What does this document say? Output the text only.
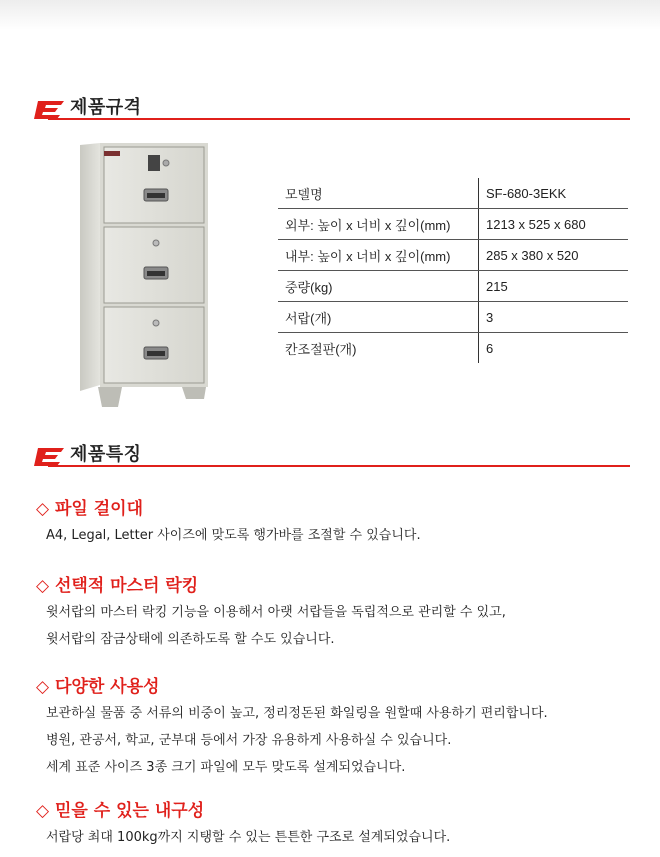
제품규격
모델명	SF-680-3EKK
외부: 높이 x 너비 x 깊이(mm)	1213 x 525 x 680
내부: 높이 x 너비 x 깊이(mm)	285 x 380 x 520
중량(kg)	215
서랍(개)	3
칸조절판(개)	6
제품특징
◇ 파일 걸이대
A4, Legal, Letter 사이즈에 맞도록 행가바를 조절할 수 있습니다.
◇ 선택적 마스터 락킹
윗서랍의 마스터 락킹 기능을 이용해서 아랫 서랍들을 독립적으로 관리할 수 있고,
윗서랍의 잠금상태에 의존하도록 할 수도 있습니다.
◇ 다양한 사용성
보관하실 물품 중 서류의 비중이 높고, 정리정돈된 화일링을 원할때 사용하기 편리합니다.
병원, 관공서, 학교, 군부대 등에서 가장 유용하게 사용하실 수 있습니다.
세계 표준 사이즈 3종 크기 파일에 모두 맞도록 설계되었습니다.
◇ 믿을 수 있는 내구성
서랍당 최대 100kg까지 지탱할 수 있는 튼튼한 구조로 설계되었습니다.
